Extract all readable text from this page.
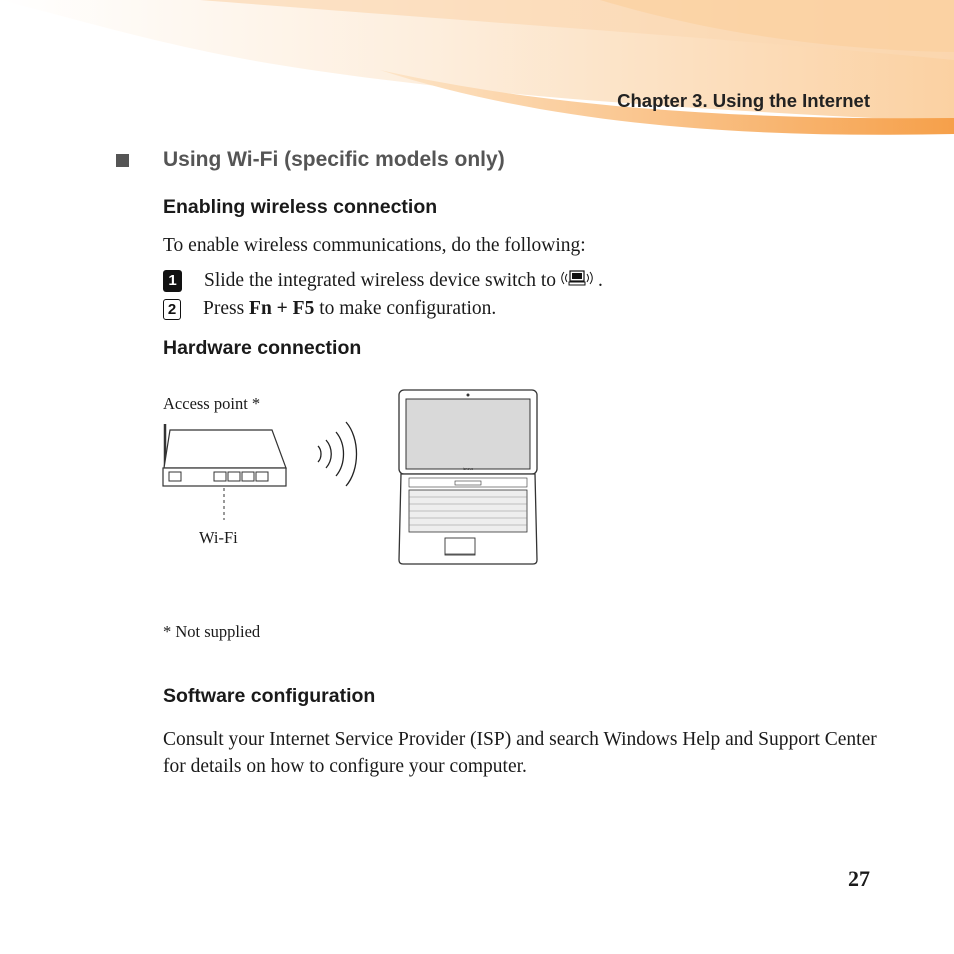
Chapter 3. Using the Internet
Using Wi-Fi (specific models only)
Enabling wireless connection
To enable wireless communications, do the following:
1 Slide the integrated wireless device switch to .
2 Press
Fn + F5
to make configuration.
Hardware connection
Access point *
Wi-Fi
lenovo
* Not supplied
Software configuration
Consult your Internet Service Provider (ISP) and search Windows Help and Support Center for details on how to configure your computer.
27
